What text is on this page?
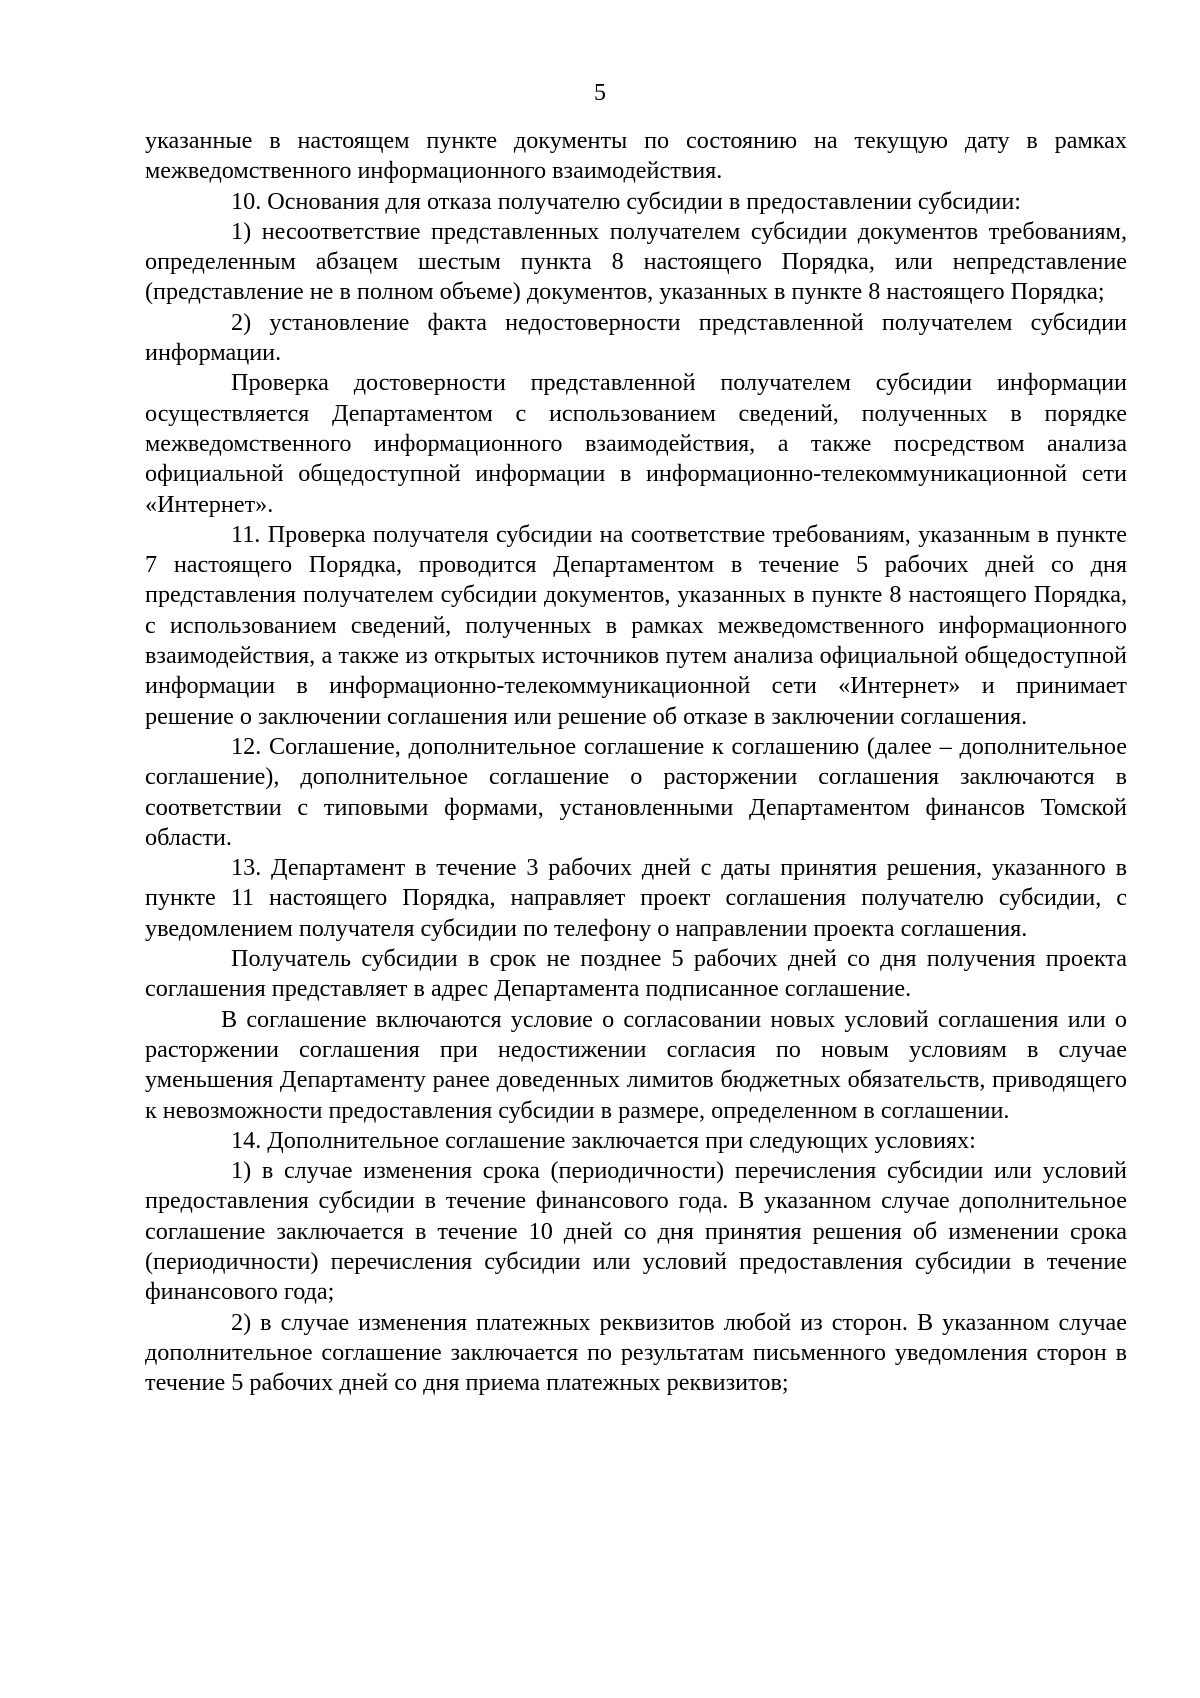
5

указанные в настоящем пункте документы по состоянию на текущую дату в рамках межведомственного информационного взаимодействия.

10. Основания для отказа получателю субсидии в предоставлении субсидии:

1) несоответствие представленных получателем субсидии документов требованиям, определенным абзацем шестым пункта 8 настоящего Порядка, или непредставление (представление не в полном объеме) документов, указанных в пункте 8 настоящего Порядка;

2) установление факта недостоверности представленной получателем субсидии информации.

Проверка достоверности представленной получателем субсидии информации осуществляется Департаментом с использованием сведений, полученных в порядке межведомственного информационного взаимодействия, а также посредством анализа официальной общедоступной информации в информационно-телекоммуникационной сети «Интернет».

11. Проверка получателя субсидии на соответствие требованиям, указанным в пункте 7 настоящего Порядка, проводится Департаментом в течение 5 рабочих дней со дня представления получателем субсидии документов, указанных в пункте 8 настоящего Порядка, с использованием сведений, полученных в рамках межведомственного информационного взаимодействия, а также из открытых источников путем анализа официальной общедоступной информации в информационно-телекоммуникационной сети «Интернет» и принимает решение о заключении соглашения или решение об отказе в заключении соглашения.

12. Соглашение, дополнительное соглашение к соглашению (далее – дополнительное соглашение), дополнительное соглашение о расторжении соглашения заключаются в соответствии с типовыми формами, установленными Департаментом финансов Томской области.

13. Департамент в течение 3 рабочих дней с даты принятия решения, указанного в пункте 11 настоящего Порядка, направляет проект соглашения получателю субсидии, с уведомлением получателя субсидии по телефону о направлении проекта соглашения.

Получатель субсидии в срок не позднее 5 рабочих дней со дня получения проекта соглашения представляет в адрес Департамента подписанное соглашение.

В соглашение включаются условие о согласовании новых условий соглашения или о расторжении соглашения при недостижении согласия по новым условиям в случае уменьшения Департаменту ранее доведенных лимитов бюджетных обязательств, приводящего к невозможности предоставления субсидии в размере, определенном в соглашении.

14. Дополнительное соглашение заключается при следующих условиях:

1) в случае изменения срока (периодичности) перечисления субсидии или условий предоставления субсидии в течение финансового года. В указанном случае дополнительное соглашение заключается в течение 10 дней со дня принятия решения об изменении срока (периодичности) перечисления субсидии или условий предоставления субсидии в течение финансового года;

2) в случае изменения платежных реквизитов любой из сторон. В указанном случае дополнительное соглашение заключается по результатам письменного уведомления сторон в течение 5 рабочих дней со дня приема платежных реквизитов;
